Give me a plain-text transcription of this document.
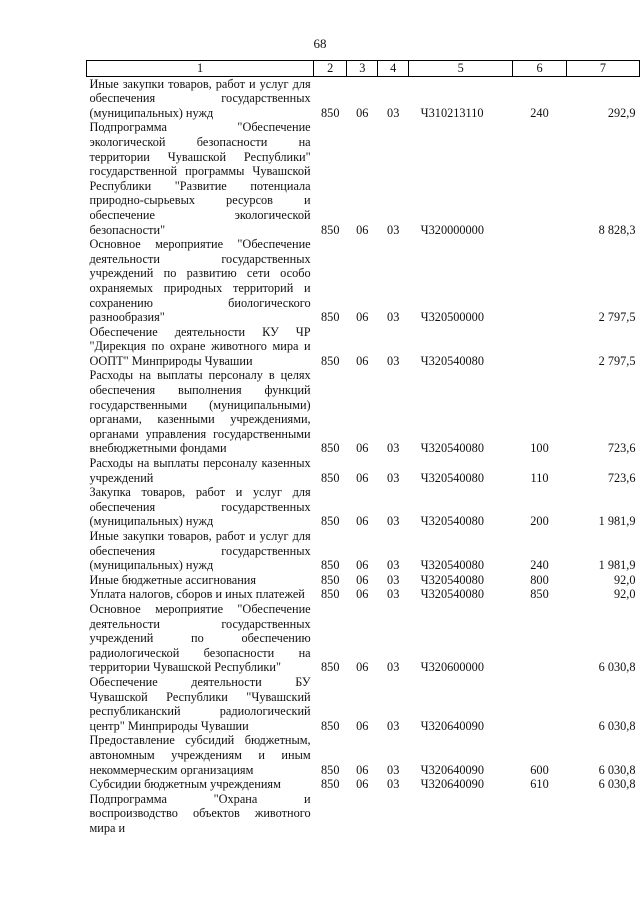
68
1	2	3	4	5	6	7
Иные закупки товаров, работ и услуг для обеспечения государственных (муниципальных) нужд	850	06	03	Ч310213110	240	292,9
Подпрограмма "Обеспечение экологической безопасности на территории Чувашской Республики" государственной программы Чувашской Республики "Развитие потенциала природно-сырьевых ресурсов и обеспечение экологической безопасности"	850	06	03	Ч320000000		8 828,3
Основное мероприятие "Обеспечение деятельности государственных учреждений по развитию сети особо охраняемых природных территорий и сохранению биологического разнообразия"	850	06	03	Ч320500000		2 797,5
Обеспечение деятельности КУ ЧР "Дирекция по охране животного мира и ООПТ" Минприроды Чувашии	850	06	03	Ч320540080		2 797,5
Расходы на выплаты персоналу в целях обеспечения выполнения функций государственными (муниципальными) органами, казенными учреждениями, органами управления государственными внебюджетными фондами	850	06	03	Ч320540080	100	723,6
Расходы на выплаты персоналу казенных учреждений	850	06	03	Ч320540080	110	723,6
Закупка товаров, работ и услуг для обеспечения государственных (муниципальных) нужд	850	06	03	Ч320540080	200	1 981,9
Иные закупки товаров, работ и услуг для обеспечения государственных (муниципальных) нужд	850	06	03	Ч320540080	240	1 981,9
Иные бюджетные ассигнования	850	06	03	Ч320540080	800	92,0
Уплата налогов, сборов и иных платежей	850	06	03	Ч320540080	850	92,0
Основное мероприятие "Обеспечение деятельности государственных учреждений по обеспечению радиологической безопасности на территории Чувашской Республики"	850	06	03	Ч320600000		6 030,8
Обеспечение деятельности БУ Чувашской Республики "Чувашский республиканский радиологический центр" Минприроды Чувашии	850	06	03	Ч320640090		6 030,8
Предоставление субсидий бюджетным, автономным учреждениям и иным некоммерческим организациям	850	06	03	Ч320640090	600	6 030,8
Субсидии бюджетным учреждениям	850	06	03	Ч320640090	610	6 030,8
Подпрограмма "Охрана и воспроизводство объектов животного мира и						
